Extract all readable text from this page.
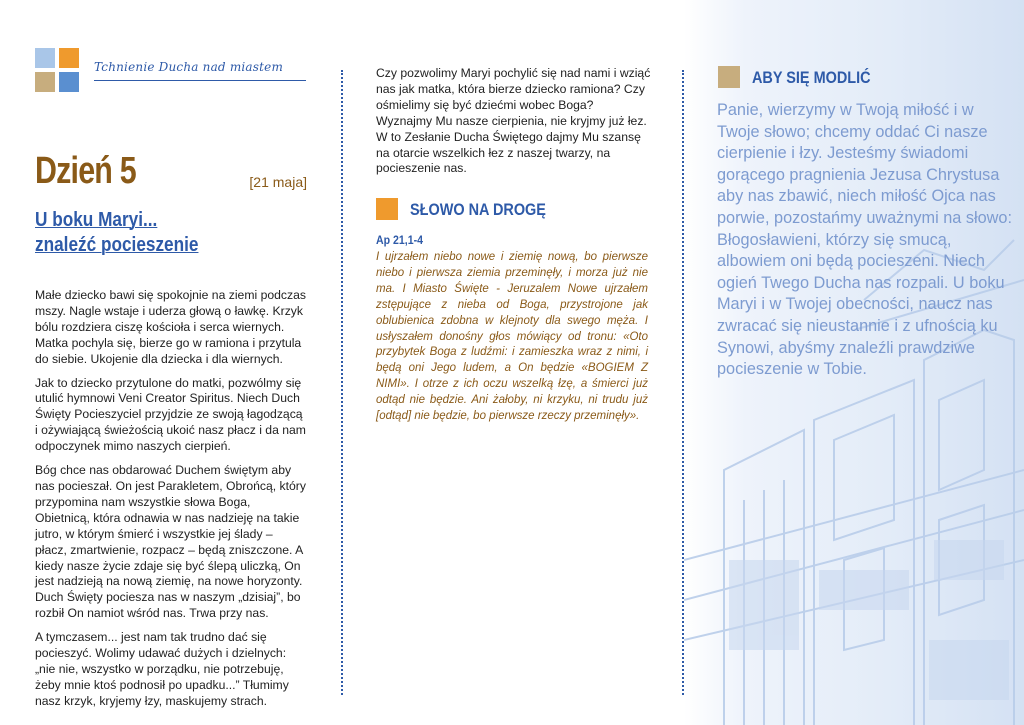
Tchnienie Ducha nad miastem
Dzień 5	[21 maja]
U boku Maryi...
znaleźć pocieszenie

Małe dziecko bawi się spokojnie na ziemi podczas mszy. Nagle wstaje i uderza głową o ławkę. Krzyk bólu rozdziera ciszę kościoła i serca wiernych. Matka pochyla się, bierze go w ramiona i przytula do siebie. Ukojenie dla dziecka i dla wiernych.

Jak to dziecko przytulone do matki, pozwólmy się utulić hymnowi Veni Creator Spiritus. Niech Duch Święty Pocieszyciel przyjdzie ze swoją łagodzącą i ożywiającą świeżością ukoić nasz płacz i da nam odpoczynek mimo naszych cierpień.

Bóg chce nas obdarować Duchem świętym aby nas pocieszał. On jest Parakletem, Obrońcą, który przypomina nam wszystkie słowa Boga, Obietnicą, która odnawia w nas nadzieję na takie jutro, w którym śmierć i wszystkie jej ślady – płacz, zmartwienie, rozpacz – będą zniszczone. A kiedy nasze życie zdaje się być ślepą uliczką, On jest nadzieją na nową ziemię, na nowe horyzonty. Duch Święty pociesza nas w naszym „dzisiaj”, bo rozbił On namiot wśród nas. Trwa przy nas.

A tymczasem... jest nam tak trudno dać się pocieszyć. Wolimy udawać dużych i dzielnych: „nie nie, wszystko w porządku, nie potrzebuję, żeby mnie ktoś podnosił po upadku...” Tłumimy nasz krzyk, kryjemy łzy, maskujemy strach.

Czy pozwolimy Maryi pochylić się nad nami i wziąć nas jak matka, która bierze dziecko ramiona? Czy ośmielimy się być dziećmi wobec Boga? Wyznajmy Mu nasze cierpienia, nie kryjmy już łez. W to Zesłanie Ducha Świętego dajmy Mu szansę na otarcie wszelkich łez z naszej twarzy, na pocieszenie nas.

SŁOWO NA DROGĘ
Ap 21,1-4

I ujrzałem niebo nowe i ziemię nową, bo pierwsze niebo i pierwsza ziemia przeminęły, i morza już nie ma. I Miasto Święte - Jeruzalem Nowe ujrzałem zstępujące z nieba od Boga, przystrojone jak oblubienica zdobna w klejnoty dla swego męża. I usłyszałem donośny głos mówiący od tronu: «Oto przybytek Boga z ludźmi: i zamieszka wraz z nimi, i będą oni Jego ludem, a On będzie «BOGIEM Z NIMI». I otrze z ich oczu wszelką łzę, a śmierci już odtąd nie będzie. Ani żałoby, ni krzyku, ni trudu już [odtąd] nie będzie, bo pierwsze rzeczy przeminęły».

ABY SIĘ MODLIĆ

Panie, wierzymy w Twoją miłość i w Twoje słowo; chcemy oddać Ci nasze cierpienie i łzy. Jesteśmy świadomi gorącego pragnienia Jezusa Chrystusa aby nas zbawić, niech miłość Ojca nas porwie, pozostańmy uważnymi na słowo: Błogosławieni, którzy się smucą, albowiem oni będą pocieszeni. Niech ogień Twego Ducha nas rozpali. U boku Maryi i w Twojej obecności, naucz nas zwracać się nieustannie i z ufnością ku Synowi, abyśmy znaleźli prawdziwe pocieszenie w Tobie.
